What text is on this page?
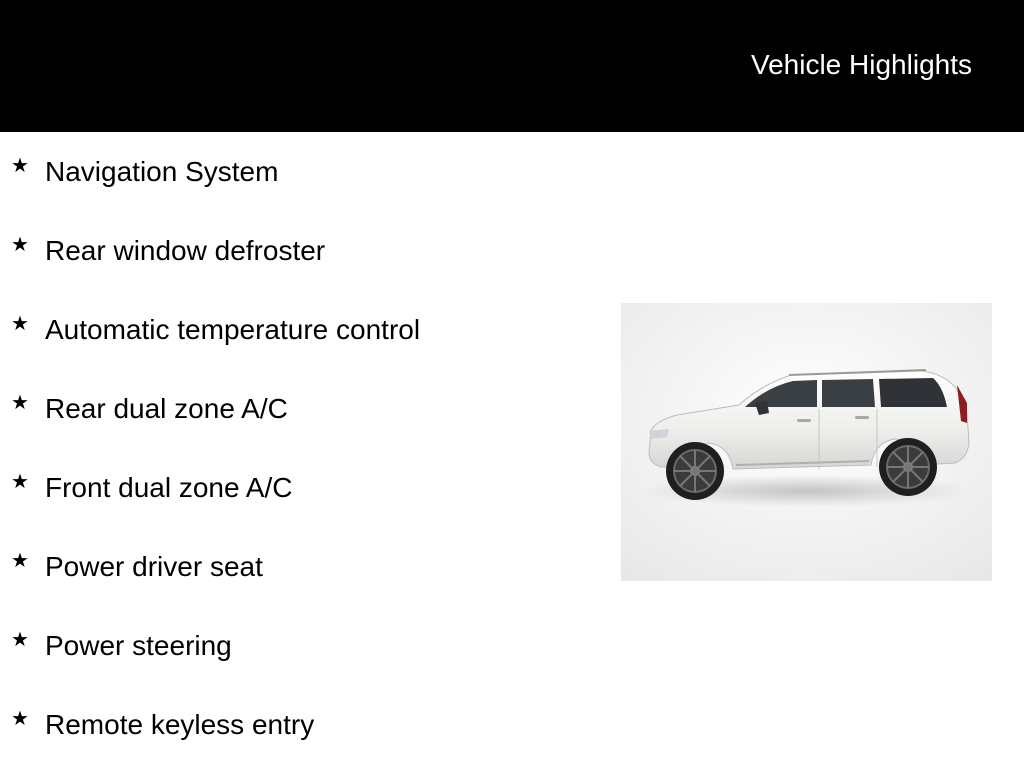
Vehicle Highlights
★ Navigation System
★ Rear window defroster
★ Automatic temperature control
★ Rear dual zone A/C
★ Front dual zone A/C
★ Power driver seat
★ Power steering
★ Remote keyless entry
